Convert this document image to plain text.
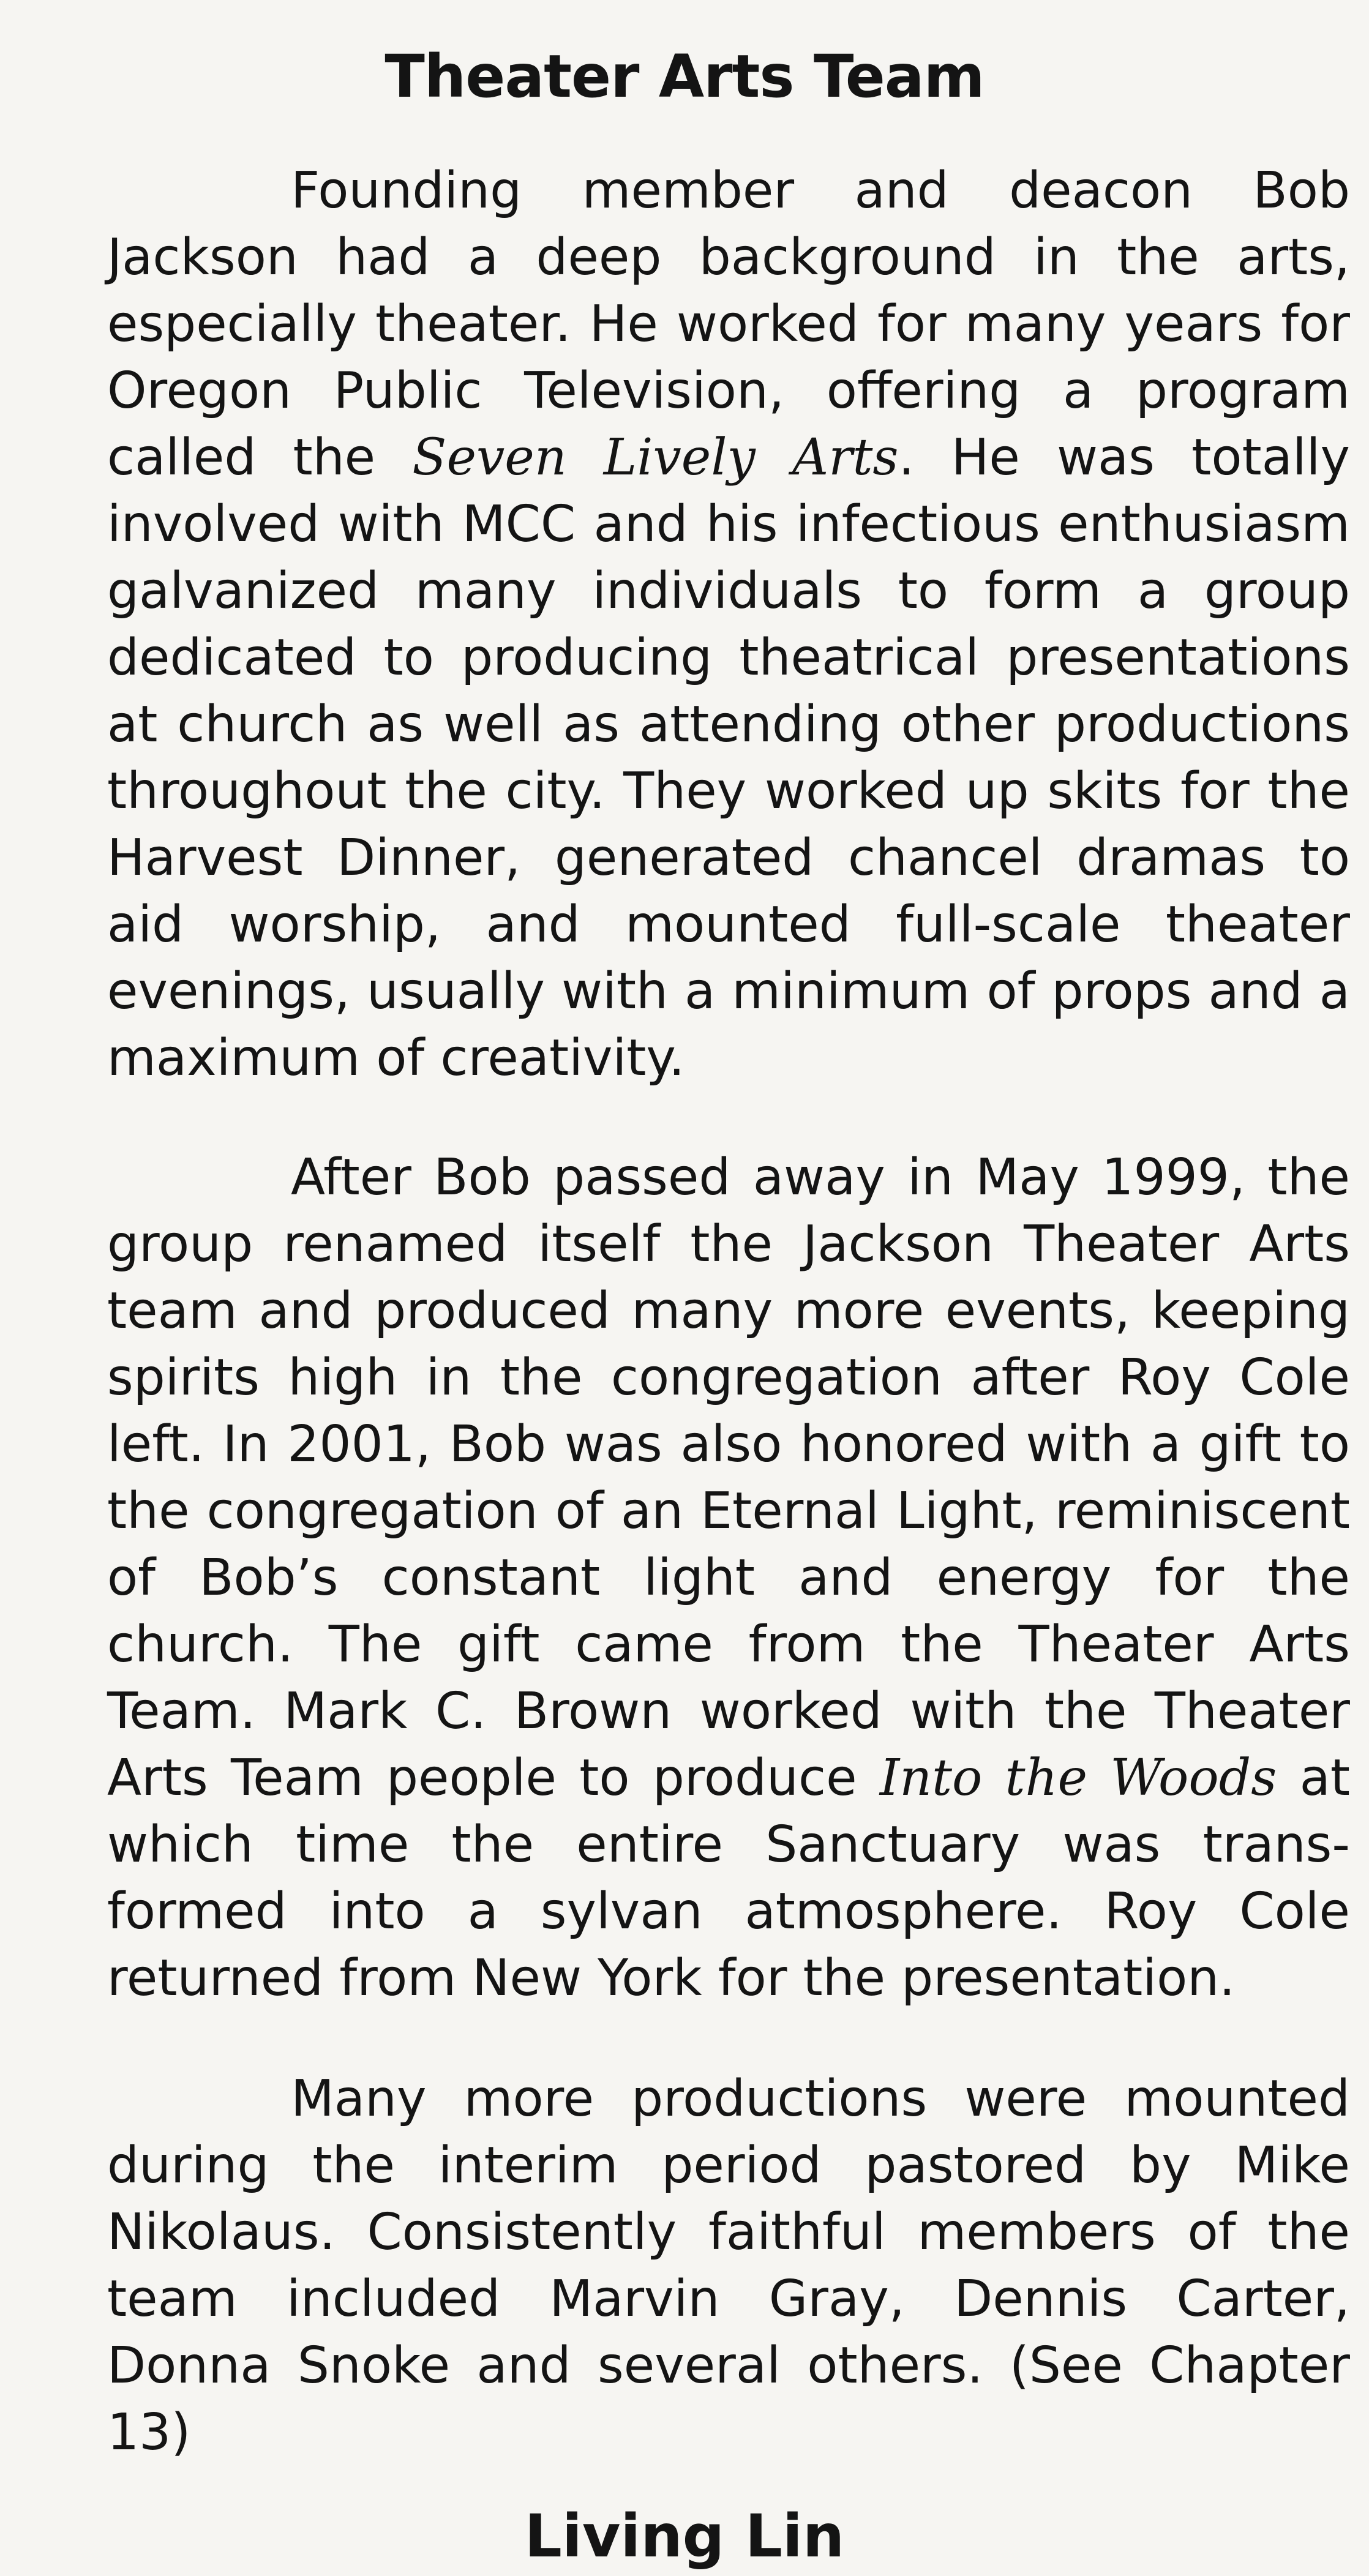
Theater Arts Team

Founding member and deacon Bob Jackson had a deep background in the arts, especially theater. He worked for many years for Oregon Public Television, offering a program called the Seven Lively Arts. He was totally involved with MCC and his infectious enthusiasm galvanized many individuals to form a group dedicated to producing theatrical presentations at church as well as attending other productions throughout the city. They worked up skits for the Harvest Dinner, generated chancel dramas to aid worship, and mounted full-scale theater evenings, usually with a minimum of props and a maximum of creativity.

After Bob passed away in May 1999, the group renamed itself the Jackson Theater Arts team and produced many more events, keeping spirits high in the congregation after Roy Cole left. In 2001, Bob was also honored with a gift to the congregation of an Eternal Light, reminiscent of Bob’s constant light and energy for the church. The gift came from the Theater Arts Team. Mark C. Brown worked with the Theater Arts Team people to produce Into the Woods at which time the entire Sanctuary was transformed into a sylvan atmosphere. Roy Cole returned from New York for the presentation.

Many more productions were mounted during the interim period pastored by Mike Nikolaus. Consistently faithful members of the team included Marvin Gray, Dennis Carter, Donna Snoke and several others. (See Chapter 13)

Living Lin
